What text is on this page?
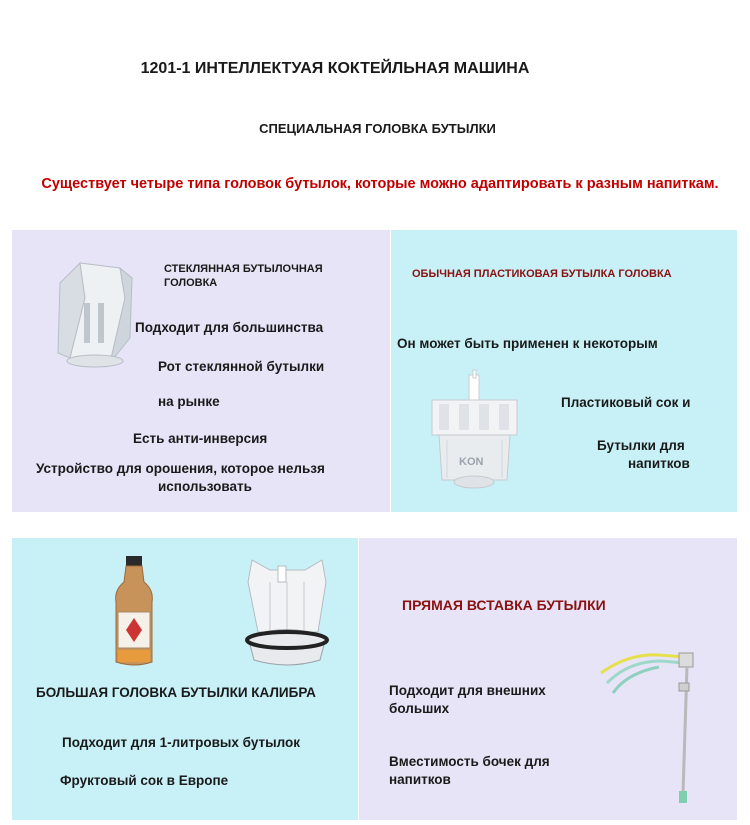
1201-1 ИНТЕЛЛЕКТУАЯ КОКТЕЙЛЬНАЯ МАШИНА
СПЕЦИАЛЬНАЯ ГОЛОВКА БУТЫЛКИ
Существует четыре типа головок бутылок, которые можно адаптировать к разным напиткам.
СТЕКЛЯННАЯ БУТЫЛОЧНАЯ
ГОЛОВКА
Подходит для большинства
Рот стеклянной бутылки
на рынке
Есть анти-инверсия
Устройство для орошения, которое нельзя
использовать
ОБЫЧНАЯ ПЛАСТИКОВАЯ БУТЫЛКА ГОЛОВКА
Он может быть применен к некоторым
KON
Пластиковый сок и
Бутылки для
напитков
БОЛЬШАЯ ГОЛОВКА БУТЫЛКИ КАЛИБРА
Подходит для 1-литровых бутылок
Фруктовый сок в Европе
ПРЯМАЯ ВСТАВКА БУТЫЛКИ
Подходит для внешних
больших
Вместимость бочек для
напитков
